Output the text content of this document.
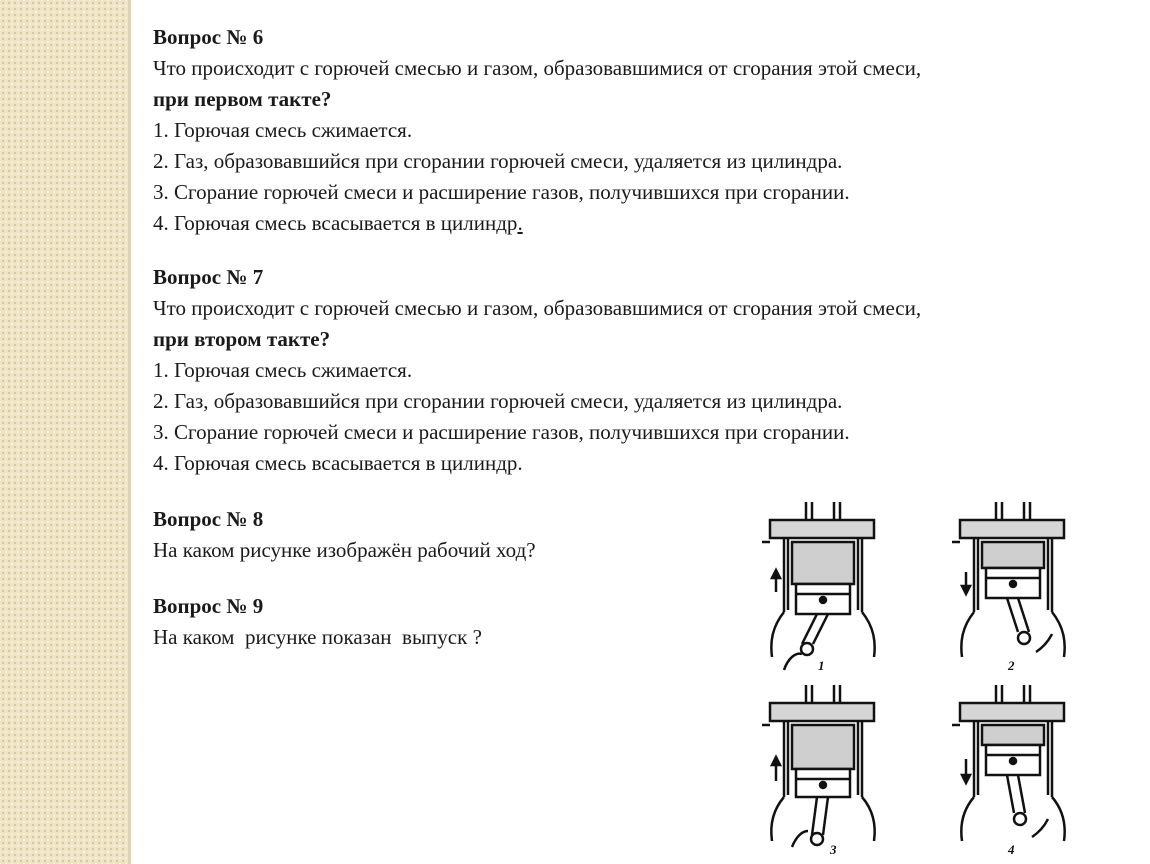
Вопрос № 6

Что происходит с горючей смесью и газом, образовавшимися от сгорания этой смеси,

при первом такте?

1. Горючая смесь сжимается.

2. Газ, образовавшийся при сгорании горючей смеси, удаляется из цилиндра.

3. Сгорание горючей смеси и расширение газов, получившихся при сгорании.

4. Горючая смесь всасывается в цилиндр.

Вопрос № 7

Что происходит с горючей смесью и газом, образовавшимися от сгорания этой смеси,

при втором такте?

1. Горючая смесь сжимается.

2. Газ, образовавшийся при сгорании горючей смеси, удаляется из цилиндра.

3. Сгорание горючей смеси и расширение газов, получившихся при сгорании.

4. Горючая смесь всасывается в цилиндр.

Вопрос № 8

На каком рисунке изображён рабочий ход?

Вопрос № 9

На каком  рисунке показан  выпуск ?

1	2
3	4
